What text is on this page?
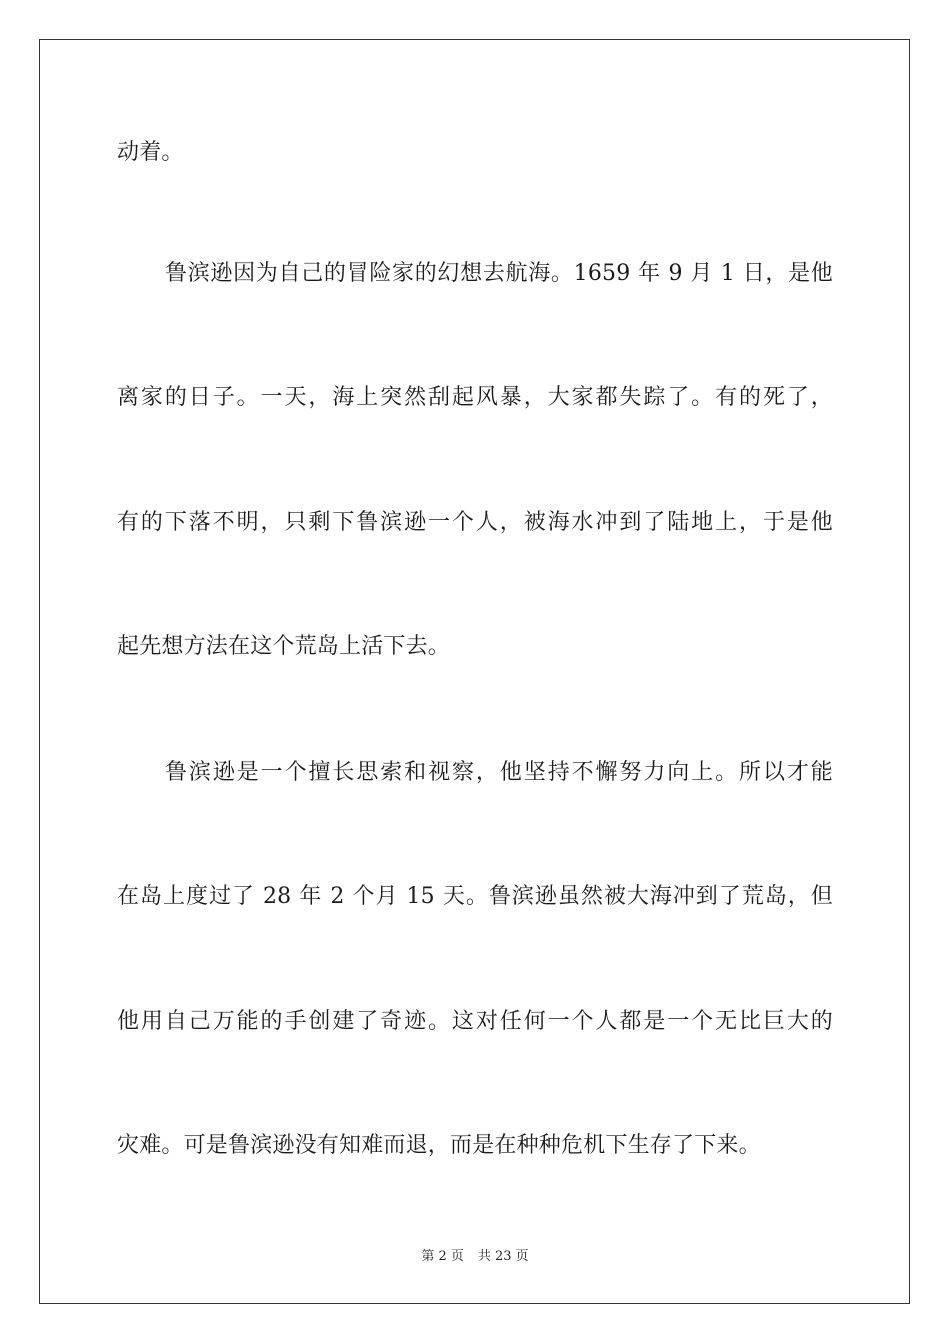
动着。
鲁滨逊因为自己的冒险家的幻想去航海。1659 年 9 月 1 日，是他
离家的日子。一天，海上突然刮起风暴，大家都失踪了。有的死了，
有的下落不明，只剩下鲁滨逊一个人，被海水冲到了陆地上，于是他
起先想方法在这个荒岛上活下去。
鲁滨逊是一个擅长思索和视察，他坚持不懈努力向上。所以才能
在岛上度过了 28 年 2 个月 15 天。鲁滨逊虽然被大海冲到了荒岛，但
他用自己万能的手创建了奇迹。这对任何一个人都是一个无比巨大的
灾难。可是鲁滨逊没有知难而退，而是在种种危机下生存了下来。
第 2 页 共 23 页
